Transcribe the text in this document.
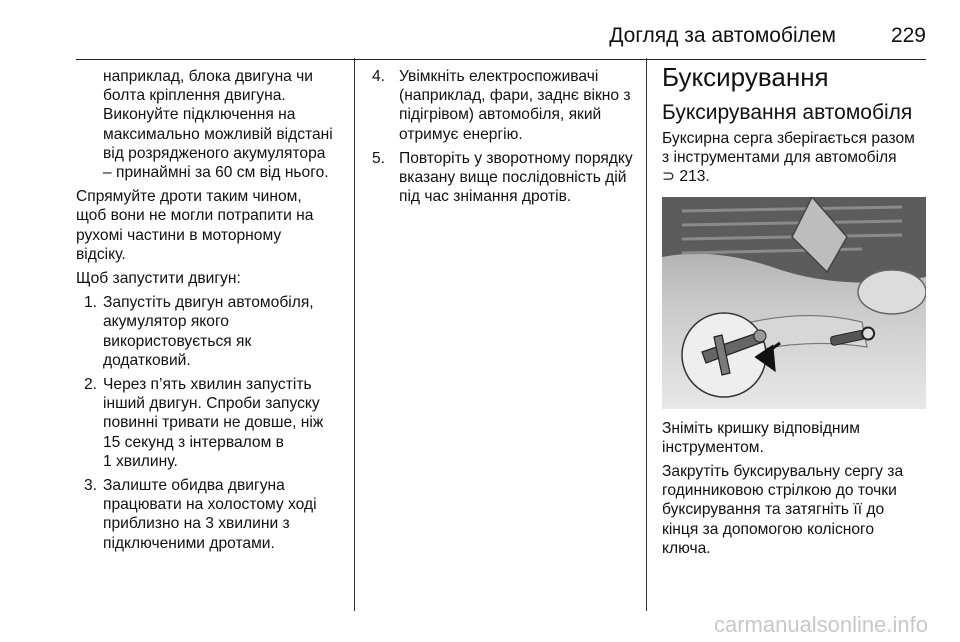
Догляд за автомобілем	229

наприклад, блока двигуна чи
болта кріплення двигуна.
Виконуйте підключення на
максимально можливій відстані
від розрядженого акумулятора
– принаймні за 60 см від нього.

Спрямуйте дроти таким чином,
щоб вони не могли потрапити на
рухомі частини в моторному
відсіку.

Щоб запустити двигун:

1. Запустіть двигун автомобіля,
акумулятор якого
використовується як
додатковий.
2. Через п’ять хвилин запустіть
інший двигун. Спроби запуску
повинні тривати не довше, ніж
15 секунд з інтервалом в
1 хвилину.
3. Залиште обидва двигуна
працювати на холостому ході
приблизно на 3 хвилини з
підключеними дротами.
4. Увімкніть електроспоживачі
(наприклад, фари, заднє вікно з
підігрівом) автомобіля, який
отримує енергію.
5. Повторіть у зворотному порядку
вказану вище послідовність дій
під час знімання дротів.
Буксирування
Буксирування автомобіля

Буксирна серга зберігається разом
з інструментами для автомобіля
⊃ 213.

Зніміть кришку відповідним
інструментом.

Закрутіть буксирувальну сергу за
годинниковою стрілкою до точки
буксирування та затягніть її до
кінця за допомогою колісного
ключа.

carmanualsonline.info
